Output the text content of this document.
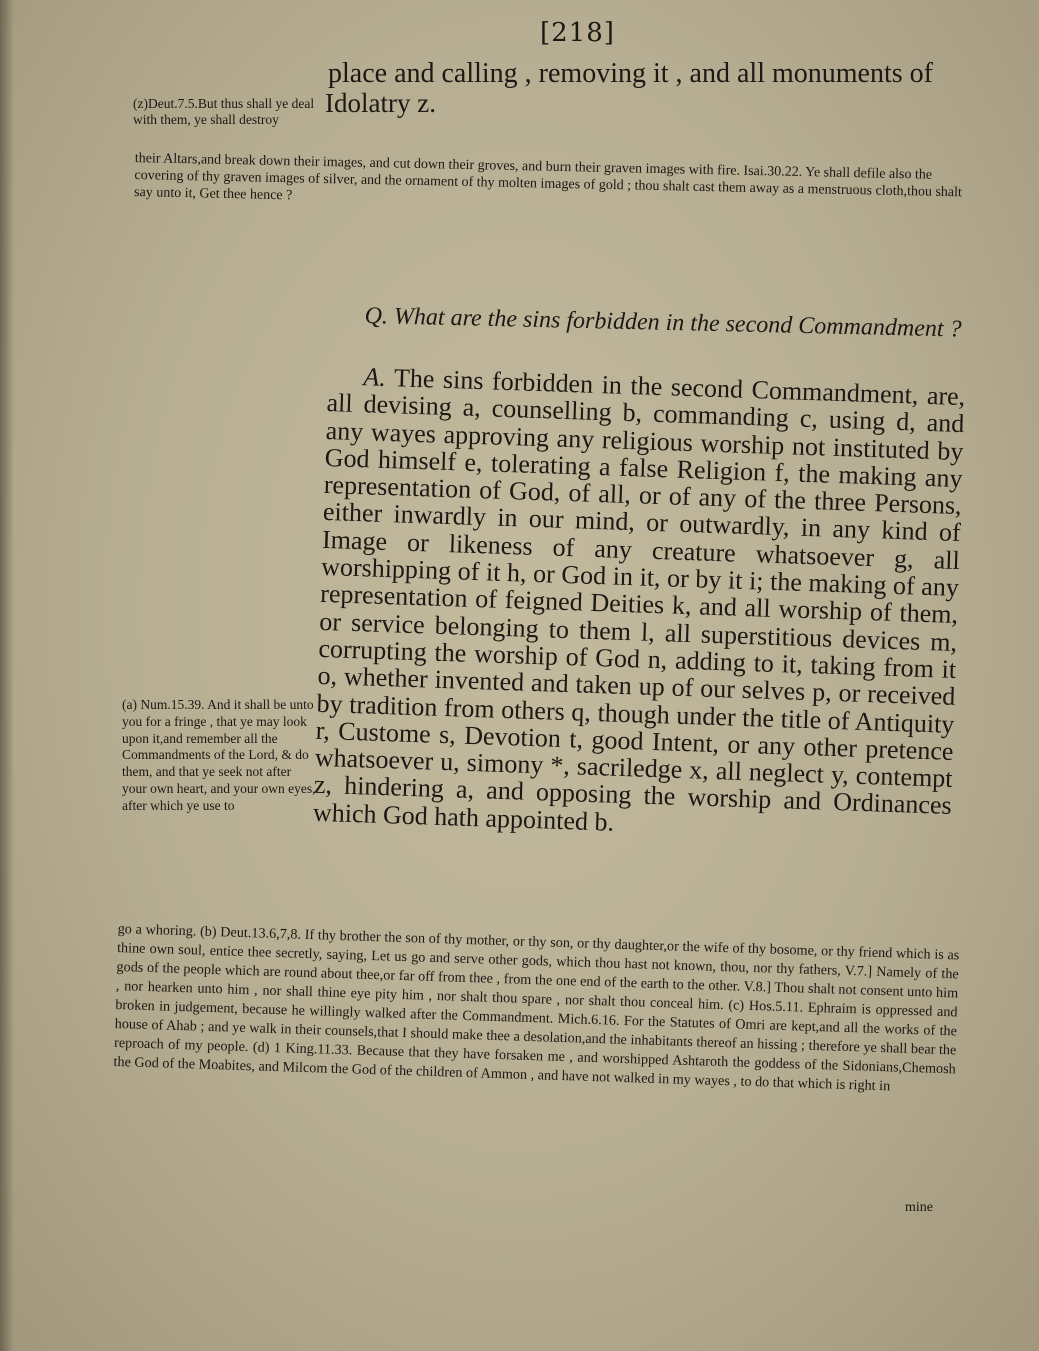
[218]
place and calling , removing it , and all monuments of
Idolatry z.
(z)Deut.7.5.But thus shall ye deal with them, ye shall destroy
their Altars,and break down their images, and cut down their groves, and burn their graven images with fire. Isai.30.22. Ye shall defile also the covering of thy graven images of silver, and the ornament of thy molten images of gold ; thou shalt cast them away as a menstruous cloth,thou shalt say unto it, Get thee hence ?
Q. What are the sins forbidden in the second Commandment ?
A. The sins forbidden in the second Commandment, are, all devising a, counselling b, commanding c, using d, and any wayes approving any religious worship not instituted by God himself e, tolerating a false Religion f, the making any representation of God, of all, or of any of the three Persons, either inwardly in our mind, or outwardly, in any kind of Image or likeness of any creature whatsoever g, all worshipping of it h, or God in it, or by it i; the making of any representation of feigned Deities k, and all worship of them, or service belonging to them l, all superstitious devices m, corrupting the worship of God n, adding to it, taking from it o, whether invented and taken up of our selves p, or received by tradition from others q, though under the title of Antiquity r, Custome s, Devotion t, good Intent, or any other pretence whatsoever u, simony *, sacriledge x, all neglect y, contempt z, hindering a, and opposing the worship and Ordinances which God hath appointed b.
(a) Num.15.39. And it shall be unto you for a fringe , that ye may look upon it,and remember all the Commandments of the Lord, & do them, and that ye seek not after your own heart, and your own eyes, after which ye use to
go a whoring. (b) Deut.13.6,7,8. If thy brother the son of thy mother, or thy son, or thy daughter,or the wife of thy bosome, or thy friend which is as thine own soul, entice thee secretly, saying, Let us go and serve other gods, which thou hast not known, thou, nor thy fathers, V.7.] Namely of the gods of the people which are round about thee,or far off from thee , from the one end of the earth to the other. V.8.] Thou shalt not consent unto him , nor hearken unto him , nor shall thine eye pity him , nor shalt thou spare , nor shalt thou conceal him. (c) Hos.5.11. Ephraim is oppressed and broken in judgement, because he willingly walked after the Commandment. Mich.6.16. For the Statutes of Omri are kept,and all the works of the house of Ahab ; and ye walk in their counsels,that I should make thee a desolation,and the inhabitants thereof an hissing ; therefore ye shall bear the reproach of my people. (d) 1 King.11.33. Because that they have forsaken me , and worshipped Ashtaroth the goddess of the Sidonians,Chemosh the God of the Moabites, and Milcom the God of the children of Ammon , and have not walked in my wayes , to do that which is right in
mine
